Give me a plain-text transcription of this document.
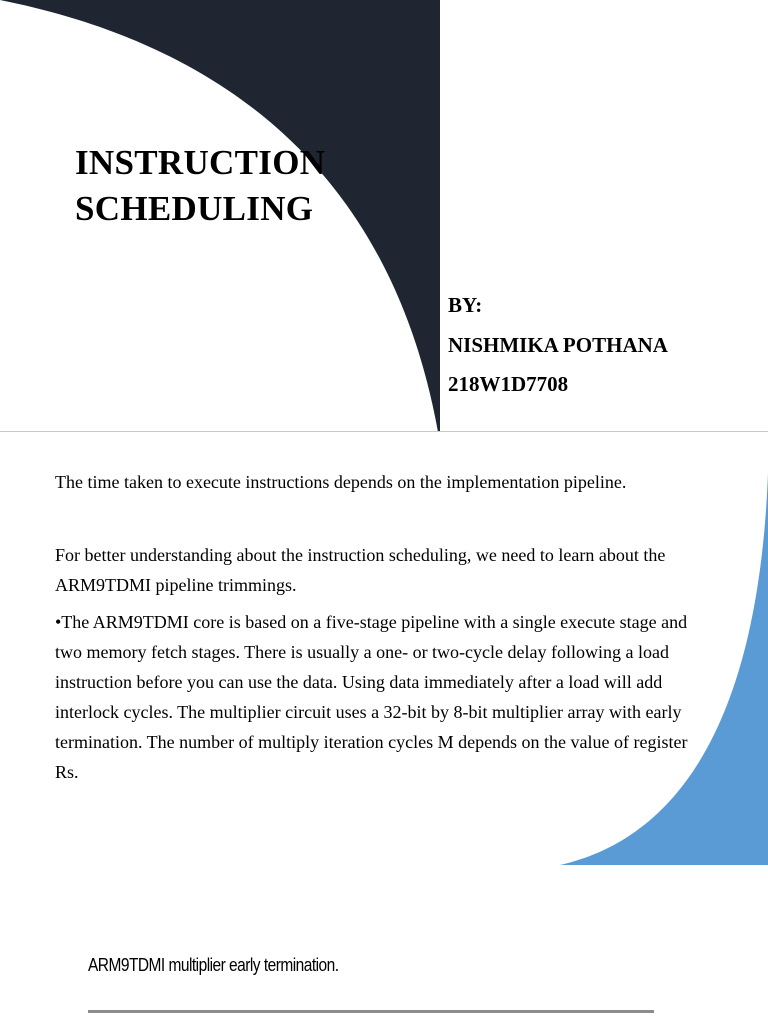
INSTRUCTION
SCHEDULING

BY:

NISHMIKA POTHANA

218W1D7708

The time taken to execute instructions depends on the implementation pipeline.

For better understanding about the instruction scheduling, we need to learn about the ARM9TDMI pipeline trimmings.

•The ARM9TDMI core is based on a five-stage pipeline with a single execute stage and two memory fetch stages. There is usually a one- or two-cycle delay following a load instruction before you can use the data. Using data immediately after a load will add interlock cycles. The multiplier circuit uses a 32-bit by 8-bit multiplier array with early termination. The number of multiply iteration cycles M depends on the value of register Rs.

ARM9TDMI multiplier early termination.
